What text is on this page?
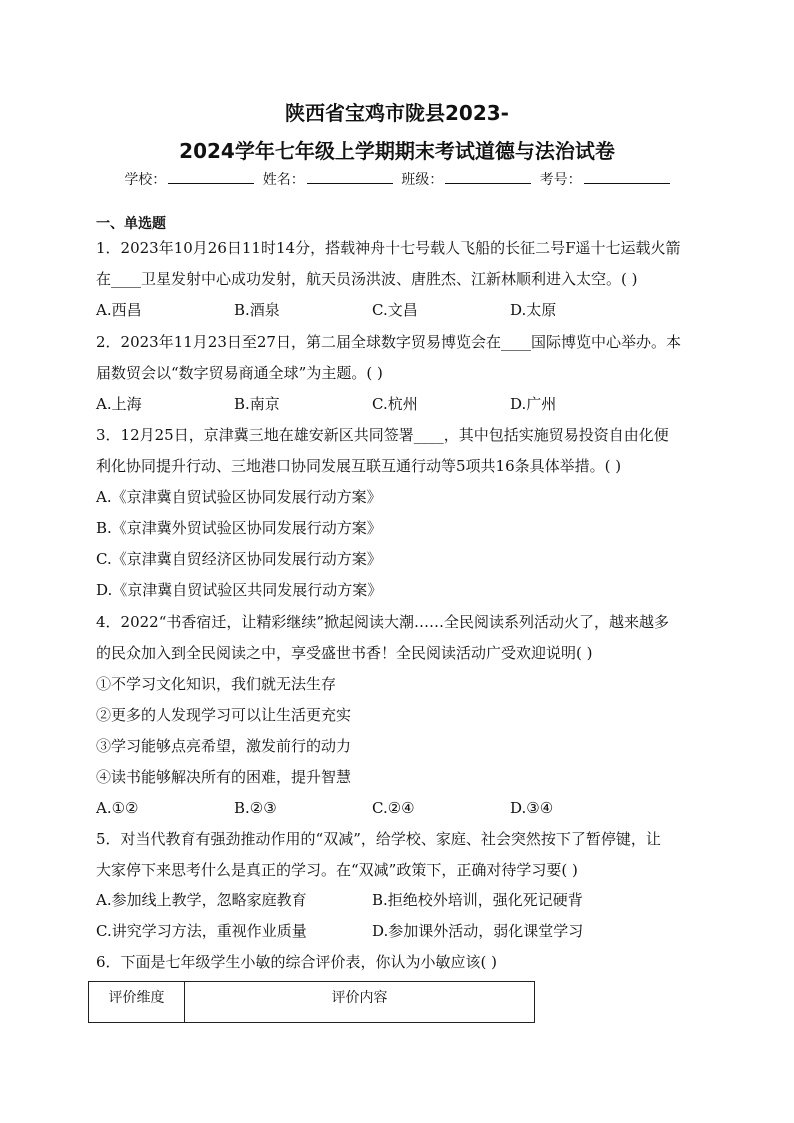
陕西省宝鸡市陇县2023-
2024学年七年级上学期期末考试道德与法治试卷
学校：	姓名：	班级：	考号：
一、单选题
1．2023年10月26日11时14分，搭载神舟十七号载人飞船的长征二号F遥十七运载火箭
在____卫星发射中心成功发射，航天员汤洪波、唐胜杰、江新林顺利进入太空。( )
A.西昌	B.酒泉	C.文昌	D.太原
2．2023年11月23日至27日，第二届全球数字贸易博览会在____国际博览中心举办。本
届数贸会以“数字贸易商通全球”为主题。( )
A.上海	B.南京	C.杭州	D.广州
3．12月25日，京津冀三地在雄安新区共同签署____，其中包括实施贸易投资自由化便
利化协同提升行动、三地港口协同发展互联互通行动等5项共16条具体举措。( )
A.《京津冀自贸试验区协同发展行动方案》
B.《京津冀外贸试验区协同发展行动方案》
C.《京津冀自贸经济区协同发展行动方案》
D.《京津冀自贸试验区共同发展行动方案》
4．2022“书香宿迁，让精彩继续”掀起阅读大潮……全民阅读系列活动火了，越来越多
的民众加入到全民阅读之中，享受盛世书香！全民阅读活动广受欢迎说明( )
①不学习文化知识，我们就无法生存
②更多的人发现学习可以让生活更充实
③学习能够点亮希望，激发前行的动力
④读书能够解决所有的困难，提升智慧
A.①②	B.②③	C.②④	D.③④
5．对当代教育有强劲推动作用的“双减”，给学校、家庭、社会突然按下了暂停键，让
大家停下来思考什么是真正的学习。在“双减”政策下，正确对待学习要( )
A.参加线上教学，忽略家庭教育	B.拒绝校外培训，强化死记硬背
C.讲究学习方法，重视作业质量	D.参加课外活动，弱化课堂学习
6．下面是七年级学生小敏的综合评价表，你认为小敏应该( )
评价维度	评价内容
